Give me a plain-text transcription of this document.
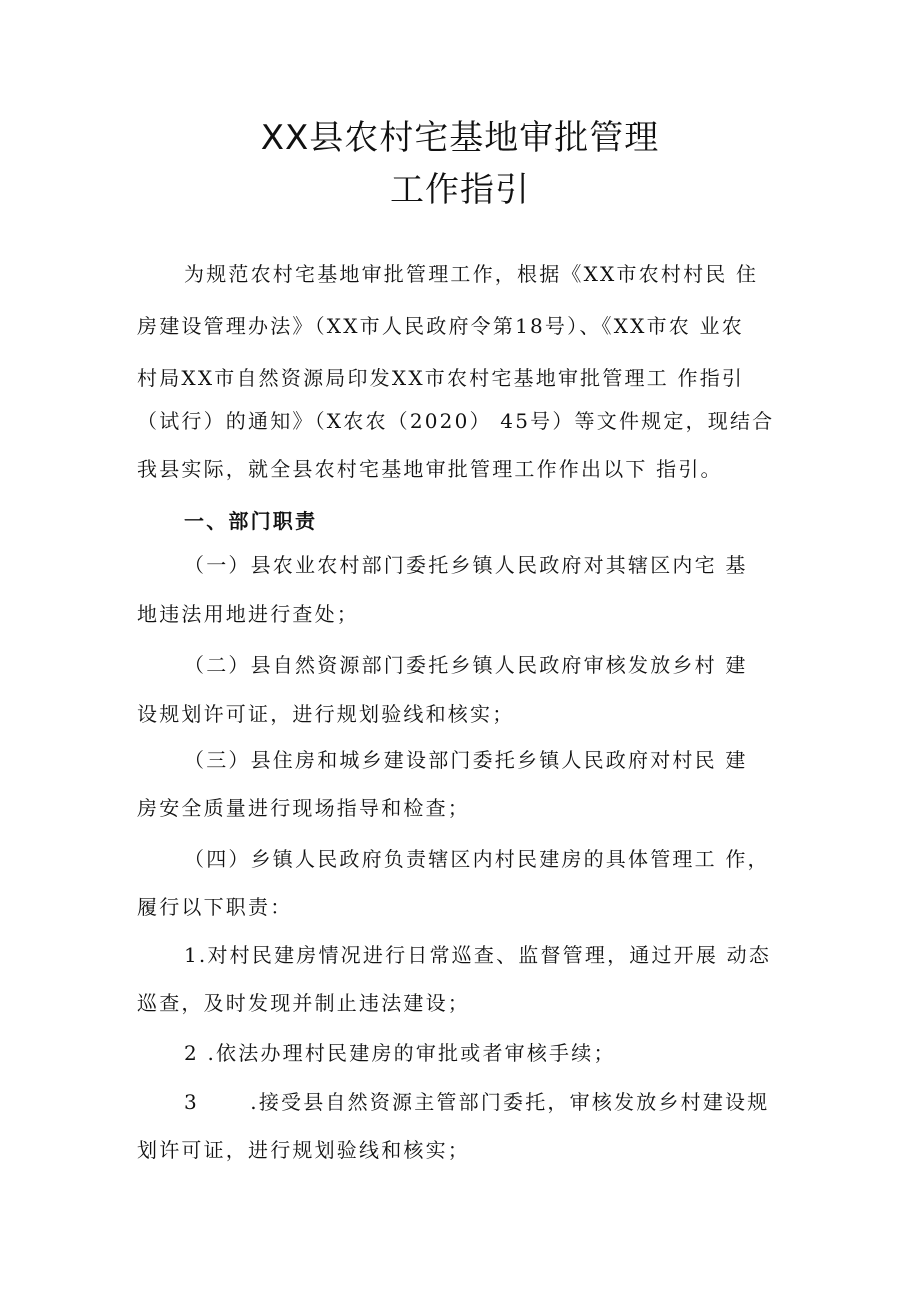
XX县农村宅基地审批管理
工作指引
为规范农村宅基地审批管理工作，根据《XX市农村村民 住
房建设管理办法》（XX市人民政府令第18号）、《XX市农 业农
村局XX市自然资源局印发XX市农村宅基地审批管理工 作指引
（试行）的通知》（X农农（2020） 45号）等文件规定，现结合
我县实际，就全县农村宅基地审批管理工作作出以下 指引。
一、部门职责
（一）县农业农村部门委托乡镇人民政府对其辖区内宅 基
地违法用地进行查处；
（二）县自然资源部门委托乡镇人民政府审核发放乡村 建
设规划许可证，进行规划验线和核实；
（三）县住房和城乡建设部门委托乡镇人民政府对村民 建
房安全质量进行现场指导和检查；
（四）乡镇人民政府负责辖区内村民建房的具体管理工 作，
履行以下职责：
1.对村民建房情况进行日常巡查、监督管理，通过开展 动态
巡查，及时发现并制止违法建设；
2 .依法办理村民建房的审批或者审核手续；
3      .接受县自然资源主管部门委托，审核发放乡村建设规
划许可证，进行规划验线和核实；
